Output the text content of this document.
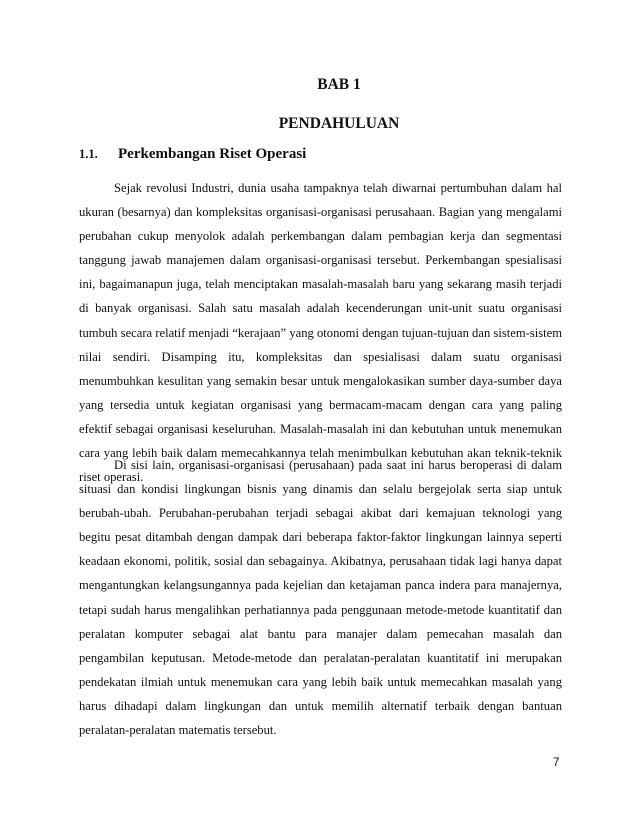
BAB 1
PENDAHULUAN
1.1.	Perkembangan Riset Operasi

Sejak revolusi Industri, dunia usaha tampaknya telah diwarnai pertumbuhan dalam hal ukuran (besarnya) dan kompleksitas organisasi-organisasi perusahaan. Bagian yang mengalami perubahan cukup menyolok adalah perkembangan dalam pembagian kerja dan segmentasi tanggung jawab manajemen dalam organisasi-organisasi tersebut. Perkembangan spesialisasi ini, bagaimanapun juga, telah menciptakan masalah-masalah baru yang sekarang masih terjadi di banyak organisasi. Salah satu masalah adalah kecenderungan unit-unit suatu organisasi tumbuh secara relatif menjadi “kerajaan” yang otonomi dengan tujuan-tujuan dan sistem-sistem nilai sendiri. Disamping itu, kompleksitas dan spesialisasi dalam suatu organisasi menumbuhkan kesulitan yang semakin besar untuk mengalokasikan sumber daya-sumber daya yang tersedia untuk kegiatan organisasi yang bermacam-macam dengan cara yang paling efektif sebagai organisasi keseluruhan. Masalah-masalah ini dan kebutuhan untuk menemukan cara yang lebih baik dalam memecahkannya telah menimbulkan kebutuhan akan teknik-teknik riset operasi.

Di sisi lain, organisasi-organisasi (perusahaan) pada saat ini harus beroperasi di dalam situasi dan kondisi lingkungan bisnis yang dinamis dan selalu bergejolak serta siap untuk berubah-ubah. Perubahan-perubahan terjadi sebagai akibat dari kemajuan teknologi yang begitu pesat ditambah dengan dampak dari beberapa faktor-faktor lingkungan lainnya seperti keadaan ekonomi, politik, sosial dan sebagainya. Akibatnya, perusahaan tidak lagi hanya dapat mengantungkan kelangsungannya pada kejelian dan ketajaman panca indera para manajernya, tetapi sudah harus mengalihkan perhatiannya pada penggunaan metode-metode kuantitatif dan peralatan komputer sebagai alat bantu para manajer dalam pemecahan masalah dan pengambilan keputusan. Metode-metode dan peralatan-peralatan kuantitatif ini merupakan pendekatan ilmiah untuk menemukan cara yang lebih baik untuk memecahkan masalah yang harus dihadapi dalam lingkungan dan untuk memilih alternatif terbaik dengan bantuan peralatan-peralatan matematis tersebut.

7
